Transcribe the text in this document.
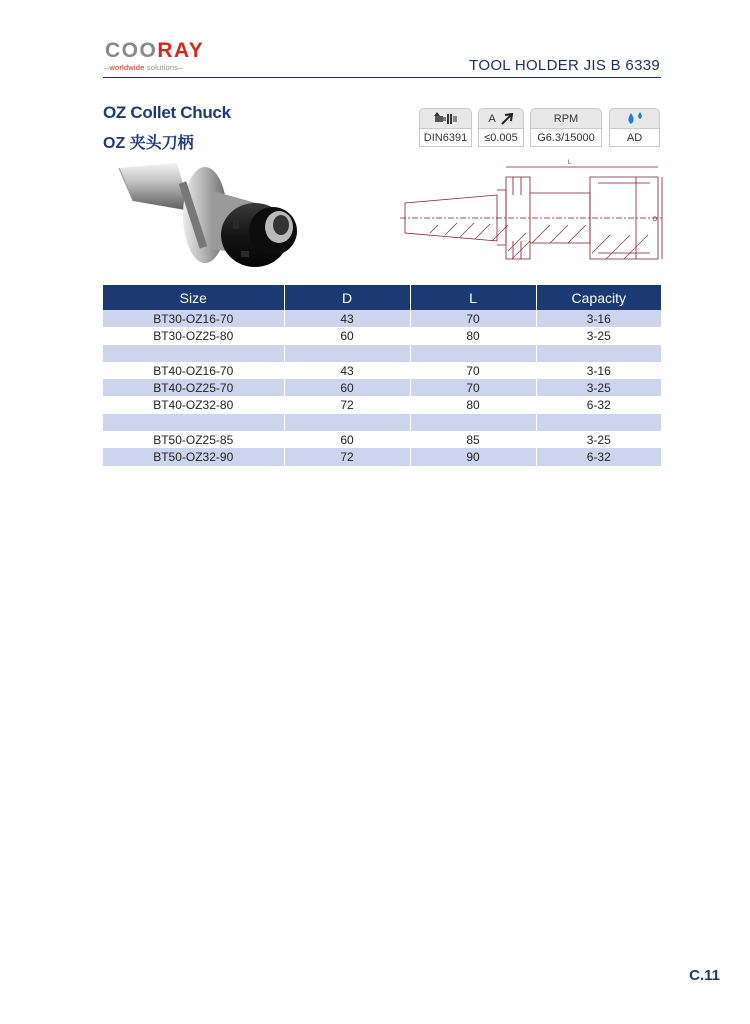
COORAY
–worldwide solutions–	TOOL HOLDER JIS B 6339
OZ Collet Chuck
OZ 夹头刀柄	DIN6391
A
≤0.005
RPM
G6.3/15000	AD
L
D
Size	D	L	Capacity
BT30-OZ16-70	43	70	3-16
BT30-OZ25-80	60	80	3-25

BT40-OZ16-70	43	70	3-16
BT40-OZ25-70	60	70	3-25
BT40-OZ32-80	72	80	6-32

BT50-OZ25-85	60	85	3-25
BT50-OZ32-90	72	90	6-32
C.11
